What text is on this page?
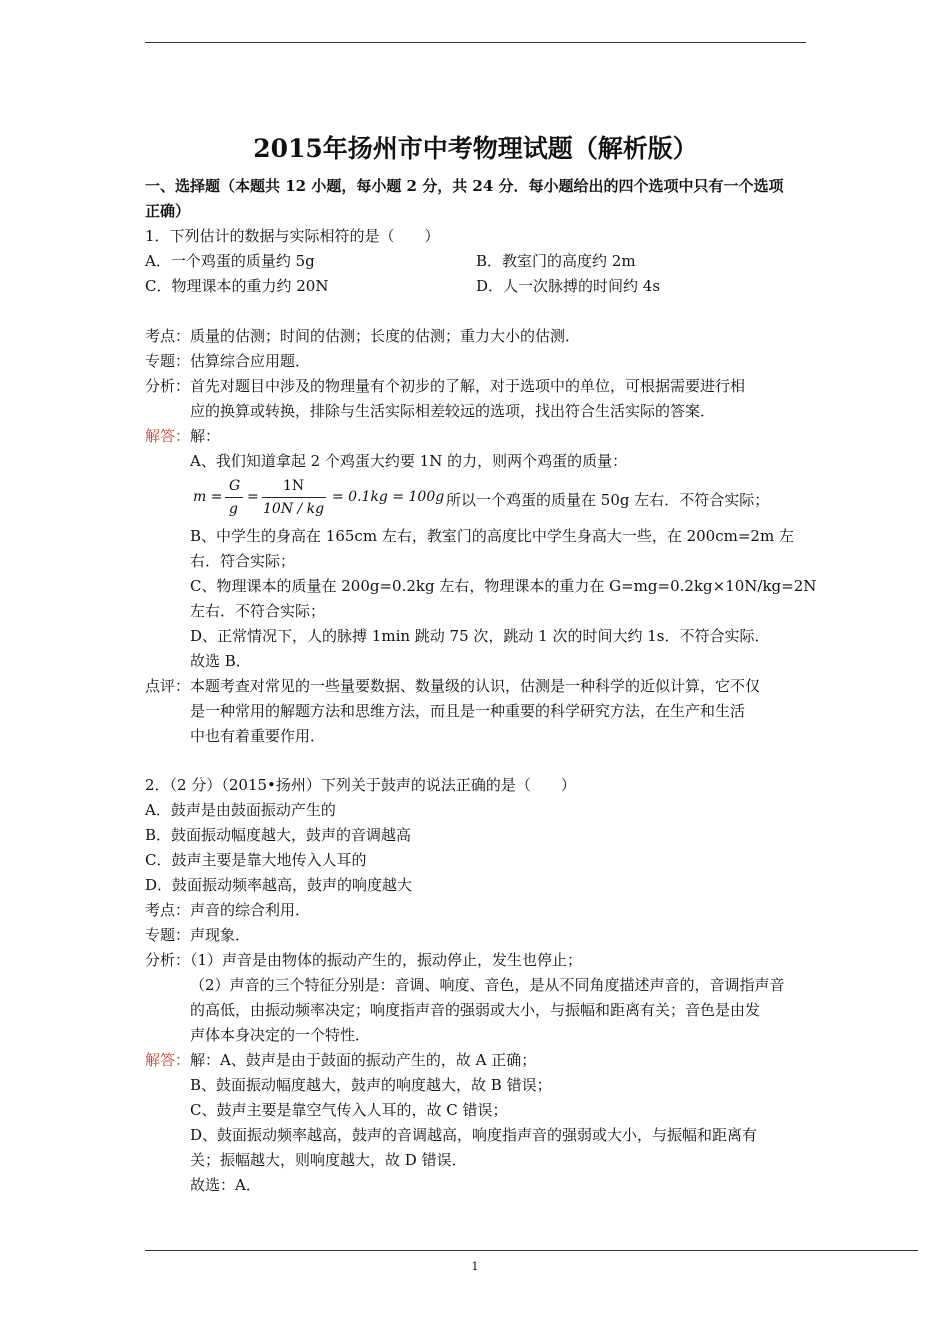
2015年扬州市中考物理试题（解析版）
一、选择题（本题共 12 小题，每小题 2 分，共 24 分．每小题给出的四个选项中只有一个选项
正确）
1．下列估计的数据与实际相符的是（　　）
A．一个鸡蛋的质量约 5g	B．教室门的高度约 2m
C．物理课本的重力约 20N	D．人一次脉搏的时间约 4s
考点：质量的估测；时间的估测；长度的估测；重力大小的估测．
专题：估算综合应用题．
分析：首先对题目中涉及的物理量有个初步的了解，对于选项中的单位，可根据需要进行相
应的换算或转换，排除与生活实际相差较远的选项，找出符合生活实际的答案．
解答： 解：
A、我们知道拿起 2 个鸡蛋大约要 1N 的力，则两个鸡蛋的质量：
m =
G
g
=
1N
10N / kg
= 0.1kg = 100g 所以一个鸡蛋的质量在 50g 左右．不符合实际；
B、中学生的身高在 165cm 左右，教室门的高度比中学生身高大一些，在 200cm=2m 左
右．符合实际；
C、物理课本的质量在 200g=0.2kg 左右，物理课本的重力在 G=mg=0.2kg×10N/kg=2N
左右．不符合实际；
D、正常情况下，人的脉搏 1min 跳动 75 次，跳动 1 次的时间大约 1s．不符合实际．
故选 B．
点评：本题考查对常见的一些量要数据、数量级的认识，估测是一种科学的近似计算，它不仅
是一种常用的解题方法和思维方法，而且是一种重要的科学研究方法，在生产和生活
中也有着重要作用．
2．（2 分）（2015•扬州）下列关于鼓声的说法正确的是（　　）
A．鼓声是由鼓面振动产生的
B．鼓面振动幅度越大，鼓声的音调越高
C．鼓声主要是靠大地传入人耳的
D．鼓面振动频率越高，鼓声的响度越大
考点：声音的综合利用．
专题：声现象．
分析：（1）声音是由物体的振动产生的，振动停止，发生也停止；
（2）声音的三个特征分别是：音调、响度、音色，是从不同角度描述声音的，音调指声音
的高低，由振动频率决定；响度指声音的强弱或大小，与振幅和距离有关；音色是由发
声体本身决定的一个特性．
解答： 解：A、鼓声是由于鼓面的振动产生的，故 A 正确；
B、鼓面振动幅度越大，鼓声的响度越大，故 B 错误；
C、鼓声主要是靠空气传入人耳的，故 C 错误；
D、鼓面振动频率越高，鼓声的音调越高，响度指声音的强弱或大小，与振幅和距离有
关；振幅越大，则响度越大，故 D 错误．
故选：A．
1
